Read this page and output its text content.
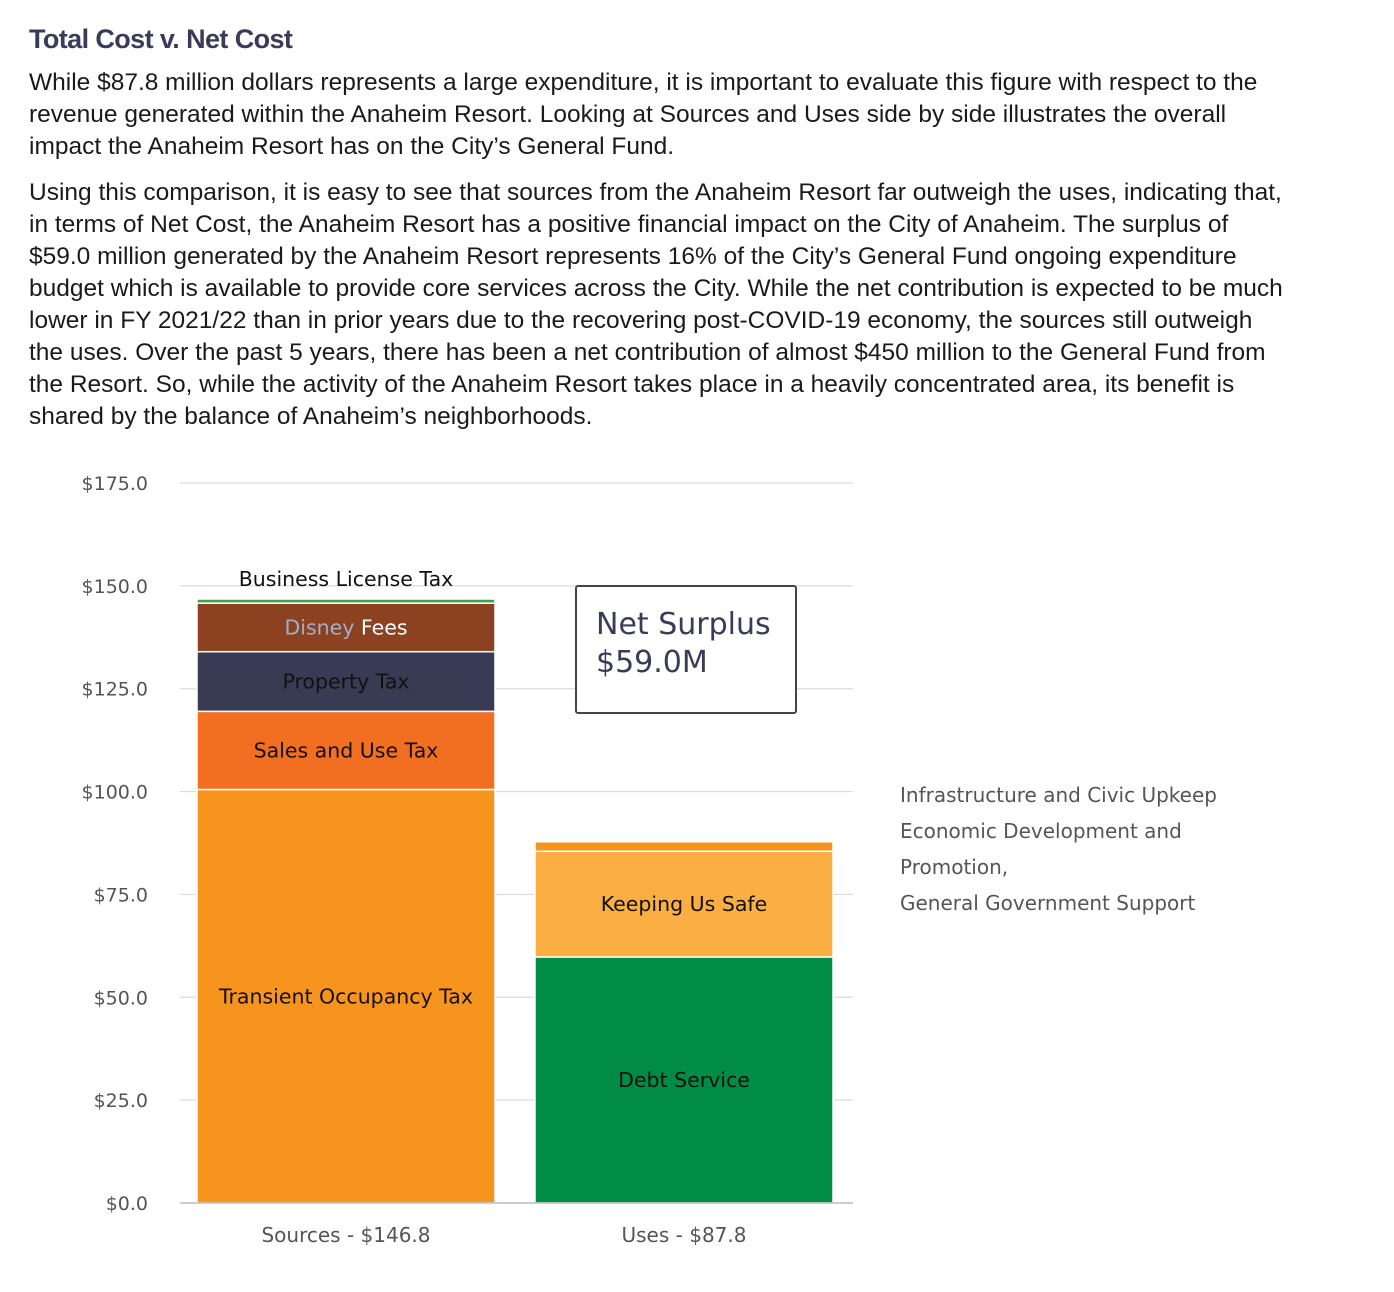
Total Cost v. Net Cost

While $87.8 million dollars represents a large expenditure, it is important to evaluate this figure with respect to the revenue generated within the Anaheim Resort. Looking at Sources and Uses side by side illustrates the overall impact the Anaheim Resort has on the City’s General Fund.

Using this comparison, it is easy to see that sources from the Anaheim Resort far outweigh the uses, indicating that, in terms of Net Cost, the Anaheim Resort has a positive financial impact on the City of Anaheim. The surplus of $59.0 million generated by the Anaheim Resort represents 16% of the City’s General Fund ongoing expenditure budget which is available to provide core services across the City. While the net contribution is expected to be much lower in FY 2021/22 than in prior years due to the recovering post-COVID-19 economy, the sources still outweigh the uses. Over the past 5 years, there has been a net contribution of almost $450 million to the General Fund from the Resort. So, while the activity of the Anaheim Resort takes place in a heavily concentrated area, its benefit is shared by the balance of Anaheim’s neighborhoods.

$0.0
$25.0
$50.0
$75.0
$100.0
$125.0
$150.0
$175.0
Transient Occupancy Tax
Sales and Use Tax
Property Tax
Disney Fees
Business License Tax
Sources - $146.8
Debt Service
Keeping Us Safe
Uses - $87.8
Net Surplus
$59.0M
Infrastructure and Civic Upkeep
Economic Development and
Promotion,
General Government Support
